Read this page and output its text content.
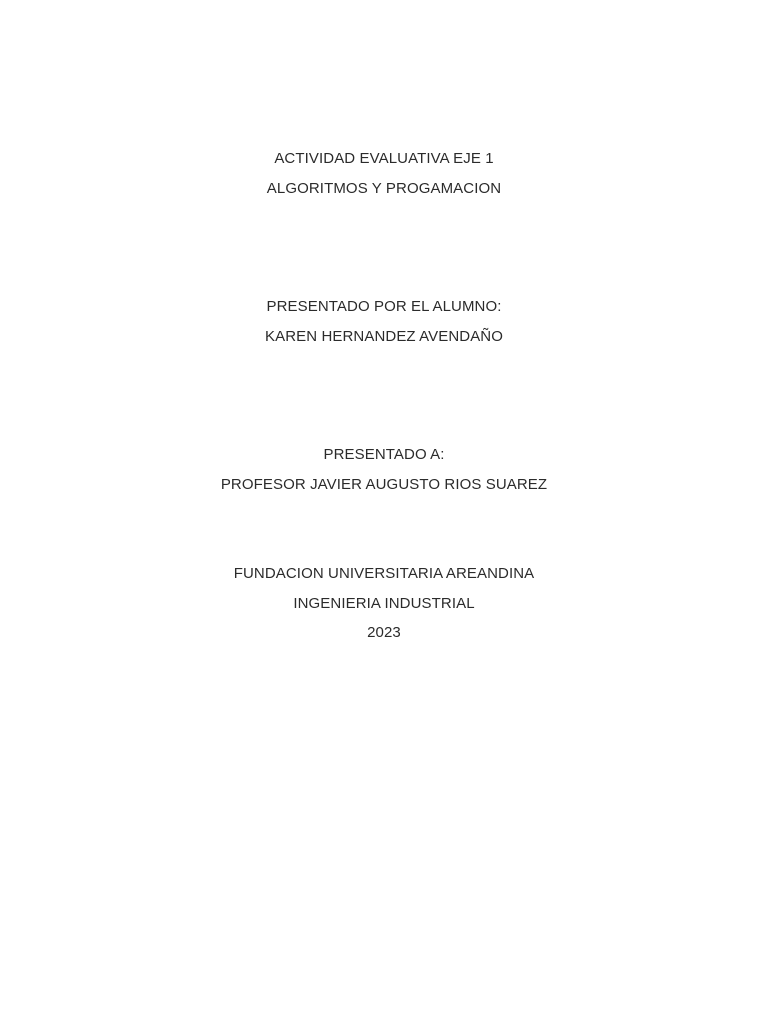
ACTIVIDAD EVALUATIVA EJE 1
ALGORITMOS Y PROGAMACION
PRESENTADO POR EL ALUMNO:
KAREN HERNANDEZ AVENDAÑO
PRESENTADO A:
PROFESOR JAVIER AUGUSTO RIOS SUAREZ
FUNDACION UNIVERSITARIA AREANDINA
INGENIERIA INDUSTRIAL
2023
